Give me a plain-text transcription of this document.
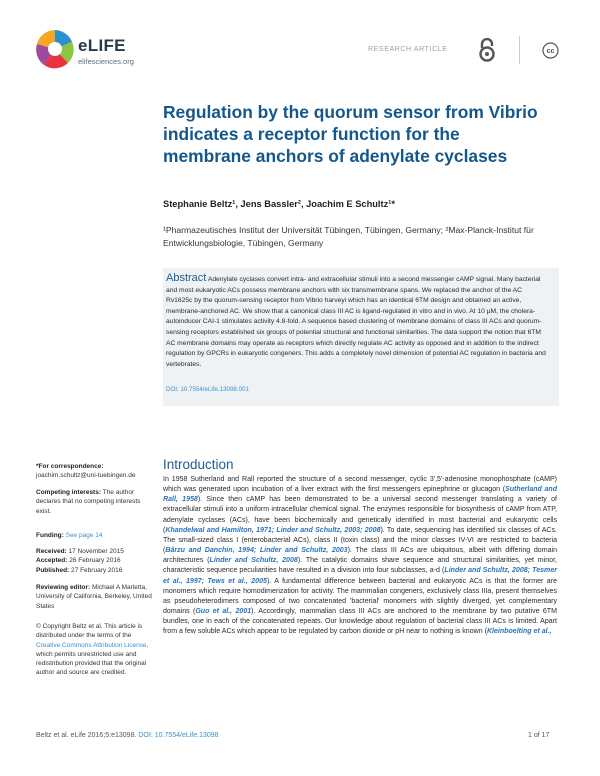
eLIFE
elifesciences.org
RESEARCH ARTICLE	cc
Regulation by the quorum sensor from Vibrio indicates a receptor function for the membrane anchors of adenylate cyclases
Stephanie Beltz¹, Jens Bassler², Joachim E Schultz¹*
¹Pharmazeutisches Institut der Universität Tübingen, Tübingen, Germany; ²Max-Planck-Institut für Entwicklungsbiologie, Tübingen, Germany
Abstract Adenylate cyclases convert intra- and extracellular stimuli into a second messenger cAMP signal. Many bacterial and most eukaryotic ACs possess membrane anchors with six transmembrane spans. We replaced the anchor of the AC Rv1625c by the quorum-sensing receptor from Vibrio harveyi which has an identical 6TM design and obtained an active, membrane-anchored AC. We show that a canonical class III AC is ligand-regulated in vitro and in vivo. At 10 µM, the cholera-autoinducer CAI-1 stimulates activity 4.8-fold. A sequence based clustering of membrane domains of class III ACs and quorum-sensing receptors established six groups of potential structural and functional similarities. The data support the notion that 6TM AC membrane domains may operate as receptors which directly regulate AC activity as opposed and in addition to the indirect regulation by GPCRs in eukaryotic congeners. This adds a completely novel dimension of potential AC regulation in bacteria and vertebrates.
DOI: 10.7554/eLife.13098.001
*For correspondence: joachim.schultz@uni-tuebingen.de
Competing interests: The author declares that no competing interests exist.
Funding: See page 14
Received: 17 November 2015
Accepted: 26 February 2016
Published: 27 February 2016
Reviewing editor: Michael A Marletta, University of California, Berkeley, United States
© Copyright Beltz et al. This article is distributed under the terms of the Creative Commons Attribution License, which permits unrestricted use and redistribution provided that the original author and source are credited.
Introduction
In 1958 Sutherland and Rall reported the structure of a second messenger, cyclic 3′,5′-adenosine monophosphate (cAMP) which was generated upon incubation of a liver extract with the first messengers epinephrine or glucagon (Sutherland and Rall, 1958). Since then cAMP has been demonstrated to be a universal second messenger translating a variety of extracellular stimuli into a uniform intracellular chemical signal. The enzymes responsible for biosynthesis of cAMP from ATP, adenylate cyclases (ACs), have been biochemically and genetically identified in most bacterial and eukaryotic cells (Khandelwal and Hamilton, 1971; Linder and Schultz, 2003; 2008). To date, sequencing has identified six classes of ACs. The small-sized class I (enterobacterial ACs), class II (toxin class) and the minor classes IV-VI are restricted to bacteria (Bârzu and Danchin, 1994; Linder and Schultz, 2003). The class III ACs are ubiquitous, albeit with differing domain architectures (Linder and Schultz, 2008). The catalytic domains share sequence and structural similarities, yet minor, characteristic sequence peculiarities have resulted in a division into four subclasses, a-d (Linder and Schultz, 2008; Tesmer et al., 1997; Tews et al., 2005). A fundamental difference between bacterial and eukaryotic ACs is that the former are monomers which require homodimerization for activity. The mammalian congeners, exclusively class IIIa, present themselves as pseudoheterodimers composed of two concatenated 'bacterial' monomers with slightly diverged, yet complementary domains (Guo et al., 2001). Accordingly, mammalian class III ACs are anchored to the membrane by two putative 6TM bundles, one in each of the concatenated repeats. Our knowledge about regulation of bacterial class III ACs is limited. Apart from a few soluble ACs which appear to be regulated by carbon dioxide or pH near to nothing is known (Kleinboelting et al.,
Beltz et al. eLife 2016;5:e13098. DOI: 10.7554/eLife.13098	1 of 17
